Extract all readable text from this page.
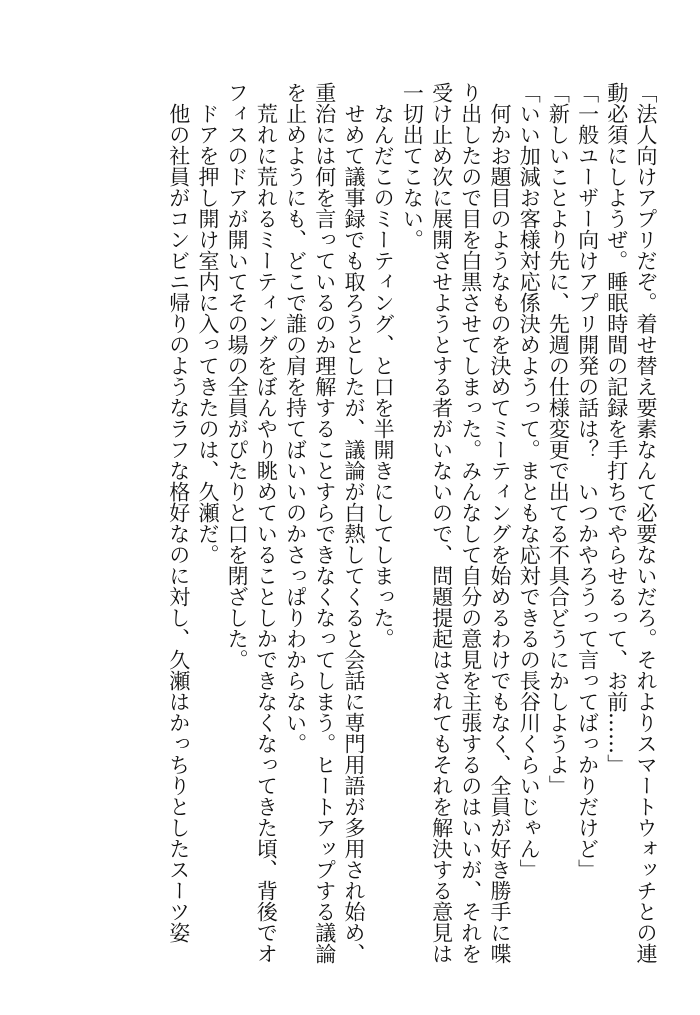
「法人向けアプリだぞ。着せ替え要素なんて必要ないだろ。それよりスマートウォッチとの連
動必須にしようぜ。睡眠時間の記録を手打ちでやらせるって、お前……」
「一般ユーザー向けアプリ開発の話は？　いつかやろうって言ってばっかりだけど」
「新しいことより先に、先週の仕様変更で出てる不具合どうにかしようよ」
「いい加減お客様対応係決めようって。まともな応対できるの長谷川くらいじゃん」
　何かお題目のようなものを決めてミーティングを始めるわけでもなく、全員が好き勝手に喋
り出したので目を白黒させてしまった。みんなして自分の意見を主張するのはいいが、それを
受け止め次に展開させようとする者がいないので、問題提起はされてもそれを解決する意見は
一切出てこない。
　なんだこのミーティング、と口を半開きにしてしまった。
　せめて議事録でも取ろうとしたが、議論が白熱してくると会話に専門用語が多用され始め、
重治には何を言っているのか理解することすらできなくなってしまう。ヒートアップする議論
を止めようにも、どこで誰の肩を持てばいいのかさっぱりわからない。
　荒れに荒れるミーティングをぼんやり眺めていることしかできなくなってきた頃、背後でオ
フィスのドアが開いてその場の全員がぴたりと口を閉ざした。
　ドアを押し開け室内に入ってきたのは、久瀬だ。
　他の社員がコンビニ帰りのようなラフな格好なのに対し、久瀬はかっちりとしたスーツ姿
